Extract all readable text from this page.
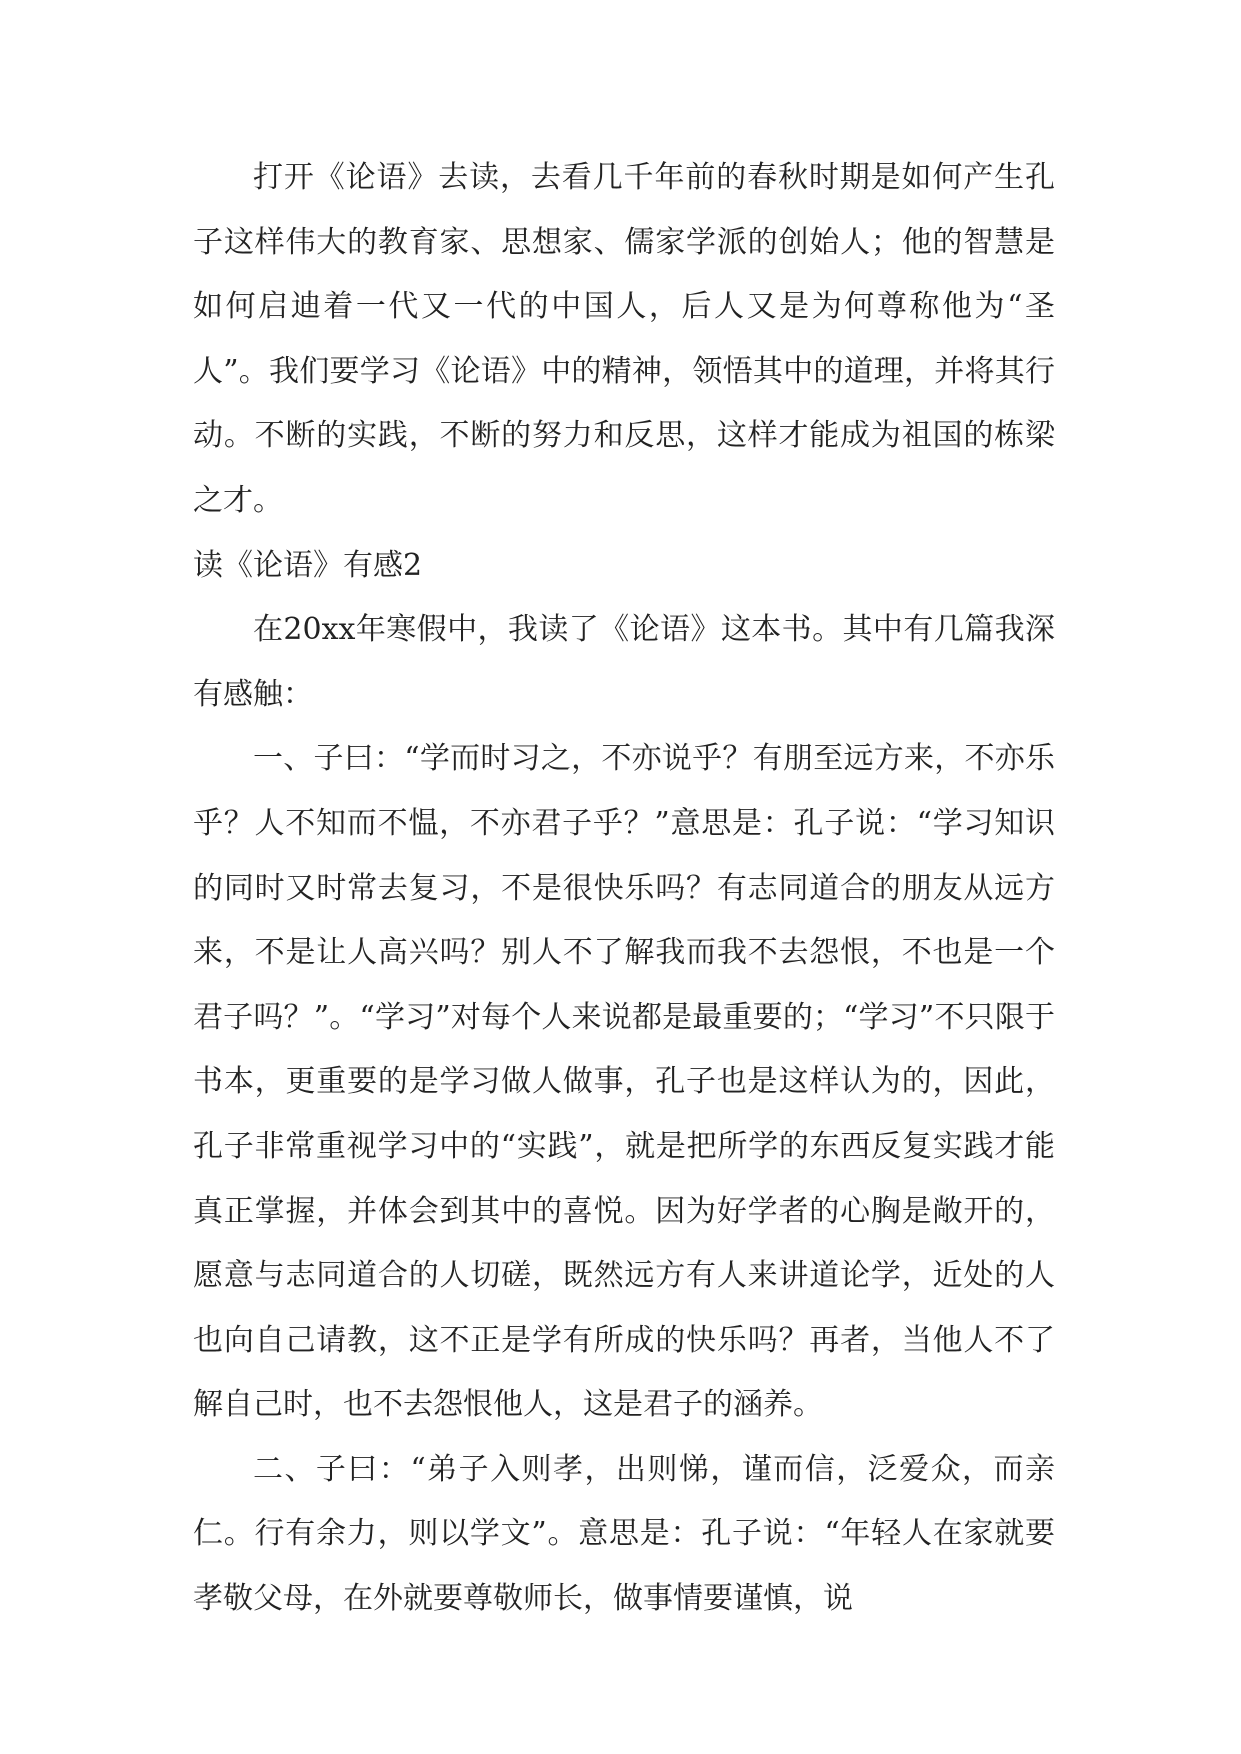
打开《论语》去读，去看几千年前的春秋时期是如何产生孔子这样伟大的教育家、思想家、儒家学派的创始人；他的智慧是如何启迪着一代又一代的中国人，后人又是为何尊称他为“圣人”。我们要学习《论语》中的精神，领悟其中的道理，并将其行动。不断的实践，不断的努力和反思，这样才能成为祖国的栋梁之才。

读《论语》有感2

在20xx年寒假中，我读了《论语》这本书。其中有几篇我深有感触：

一、子曰：“学而时习之，不亦说乎？有朋至远方来，不亦乐乎？人不知而不愠，不亦君子乎？”意思是：孔子说：“学习知识的同时又时常去复习，不是很快乐吗？有志同道合的朋友从远方来，不是让人高兴吗？别人不了解我而我不去怨恨，不也是一个君子吗？”。“学习”对每个人来说都是最重要的；“学习”不只限于书本，更重要的是学习做人做事，孔子也是这样认为的，因此，孔子非常重视学习中的“实践”，就是把所学的东西反复实践才能真正掌握，并体会到其中的喜悦。因为好学者的心胸是敞开的，愿意与志同道合的人切磋，既然远方有人来讲道论学，近处的人也向自己请教，这不正是学有所成的快乐吗？再者，当他人不了解自己时，也不去怨恨他人，这是君子的涵养。

二、子曰：“弟子入则孝，出则悌，谨而信，泛爱众，而亲仁。行有余力，则以学文”。意思是：孔子说：“年轻人在家就要孝敬父母，在外就要尊敬师长，做事情要谨慎，说
